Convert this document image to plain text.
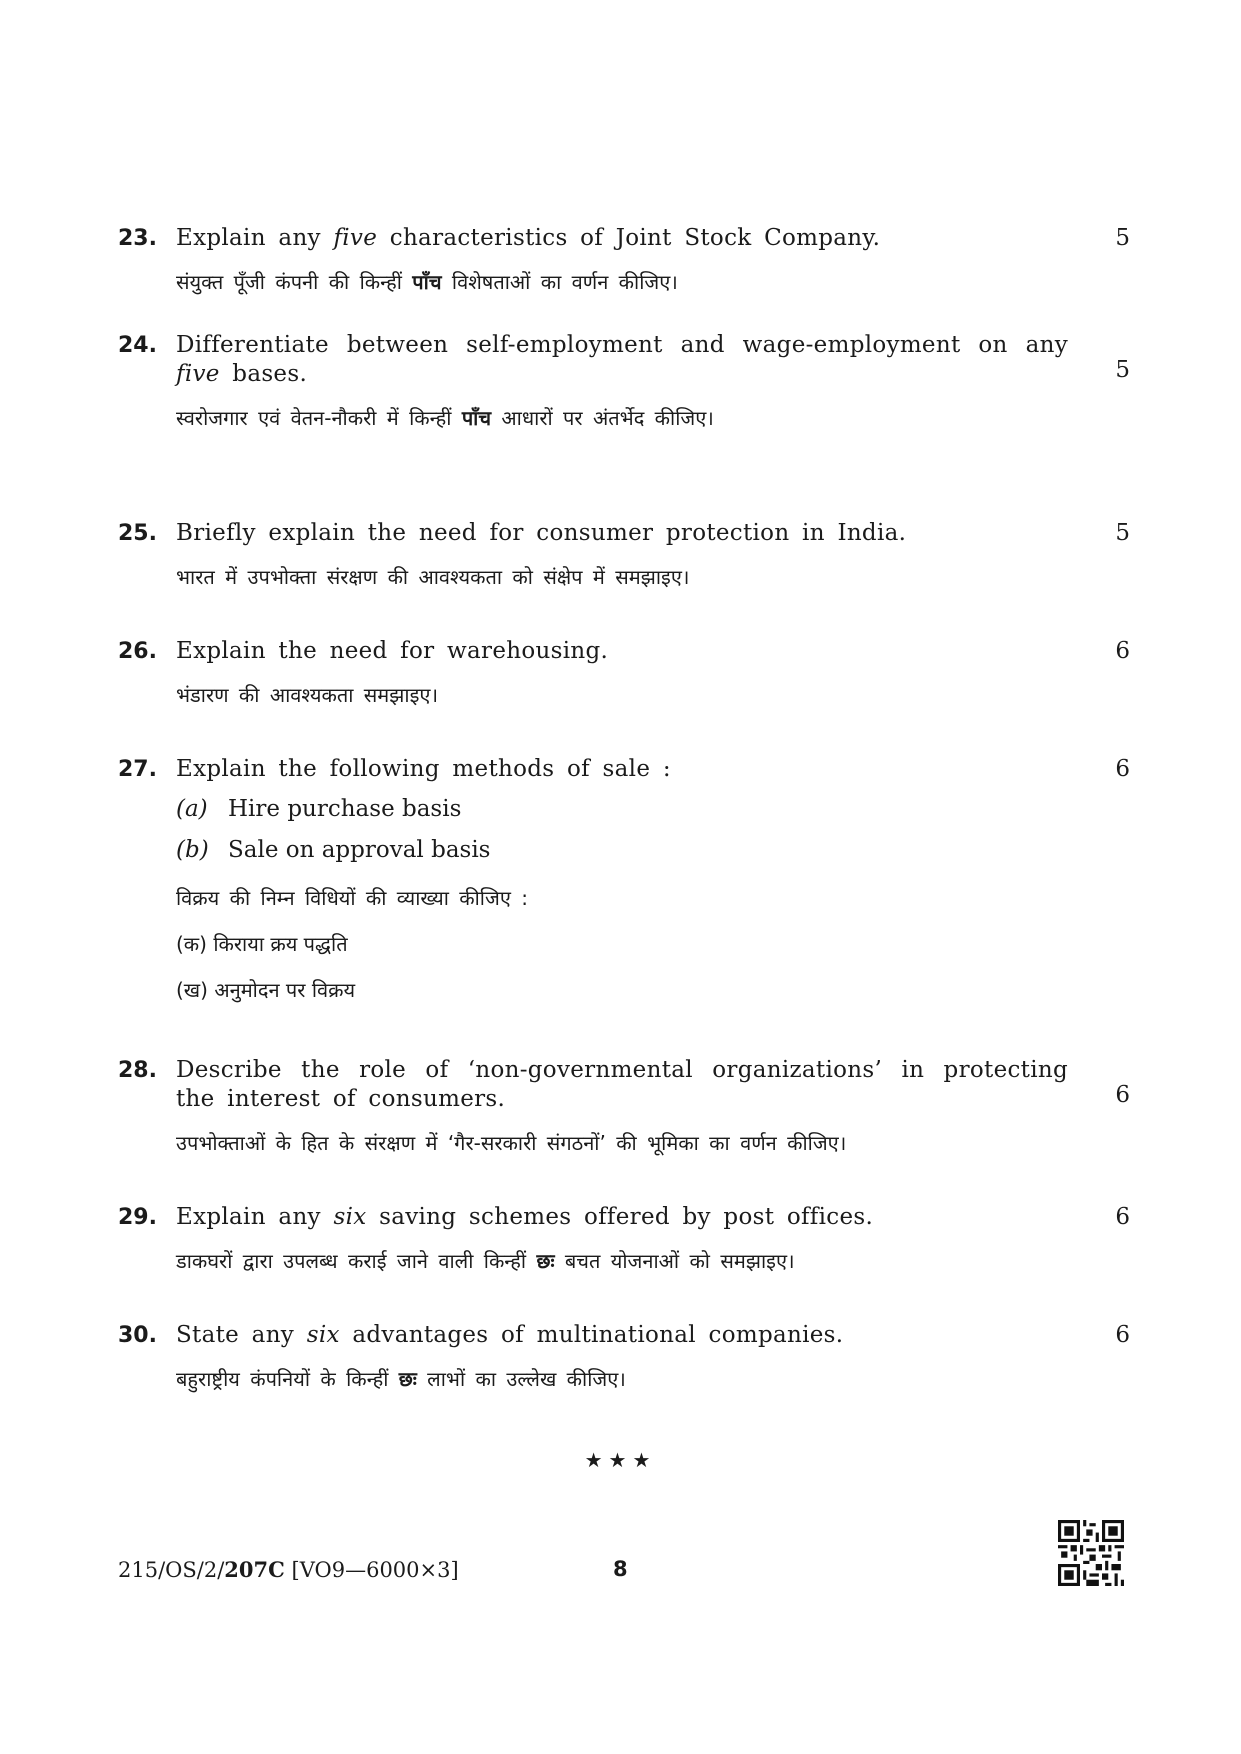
23. Explain any five characteristics of Joint Stock Company.	5
संयुक्त पूँजी कंपनी की किन्हीं पाँच विशेषताओं का वर्णन कीजिए।
24. Differentiate between self-employment and wage-employment on any five bases.	5
स्वरोजगार एवं वेतन-नौकरी में किन्हीं पाँच आधारों पर अंतर्भेद कीजिए।
25. Briefly explain the need for consumer protection in India.	5
भारत में उपभोक्ता संरक्षण की आवश्यकता को संक्षेप में समझाइए।
26. Explain the need for warehousing.	6
भंडारण की आवश्यकता समझाइए।
27. Explain the following methods of sale :	6
(a) Hire purchase basis
(b) Sale on approval basis
विक्रय की निम्न विधियों की व्याख्या कीजिए :
(क) किराया क्रय पद्धति
(ख) अनुमोदन पर विक्रय
28. Describe the role of ‘non-governmental organizations’ in protecting the interest of consumers.	6
उपभोक्ताओं के हित के संरक्षण में ‘गैर-सरकारी संगठनों’ की भूमिका का वर्णन कीजिए।
29. Explain any six saving schemes offered by post offices.	6
डाकघरों द्वारा उपलब्ध कराई जाने वाली किन्हीं छः बचत योजनाओं को समझाइए।
30. State any six advantages of multinational companies.	6
बहुराष्ट्रीय कंपनियों के किन्हीं छः लाभों का उल्लेख कीजिए।
★★★
215/OS/2/207C [VO9—6000×3]	8
